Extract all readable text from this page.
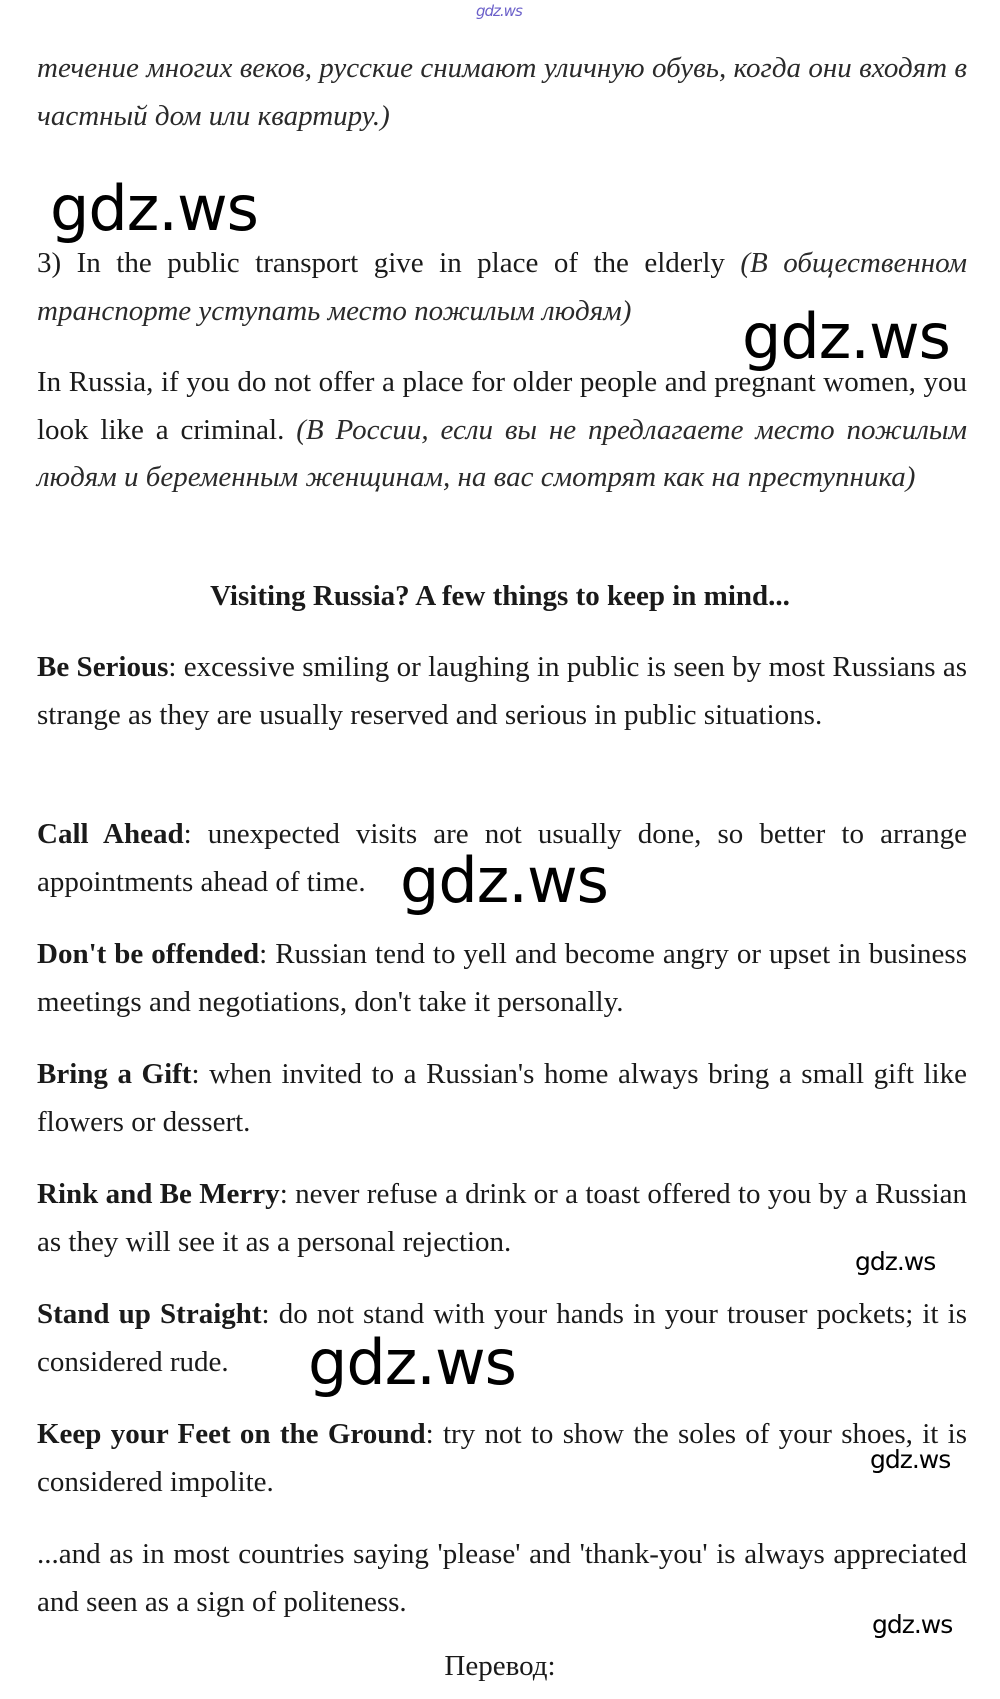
gdz.ws

течение многих веков, русские снимают уличную обувь, когда они входят в частный дом или квартиру.)

gdz.ws

3) In the public transport give in place of the elderly (В общественном транспорте уступать место пожилым людям)	gdz.ws

In Russia, if you do not offer a place for older people and pregnant women, you look like a criminal. (В России, если вы не предлагаете место пожилым людям и беременным женщинам, на вас смотрят как на преступника)

Visiting Russia? A few things to keep in mind...

Be Serious: excessive smiling or laughing in public is seen by most Russians as strange as they are usually reserved and serious in public situations.

Call Ahead: unexpected visits are not usually done, so better to arrange appointments ahead of time. gdz.ws

Don't be offended: Russian tend to yell and become angry or upset in business meetings and negotiations, don't take it personally.

Bring a Gift: when invited to a Russian's home always bring a small gift like flowers or dessert.

Rink and Be Merry: never refuse a drink or a toast offered to you by a Russian as they will see it as a personal rejection.

gdz.ws

Stand up Straight: do not stand with your hands in your trouser pockets; it is considered rude.	gdz.ws

Keep your Feet on the Ground: try not to show the soles of your shoes, it is considered impolite.

gdz.ws

...and as in most countries saying 'please' and 'thank-you' is always appreciated and seen as a sign of politeness.

gdz.ws

Перевод:
